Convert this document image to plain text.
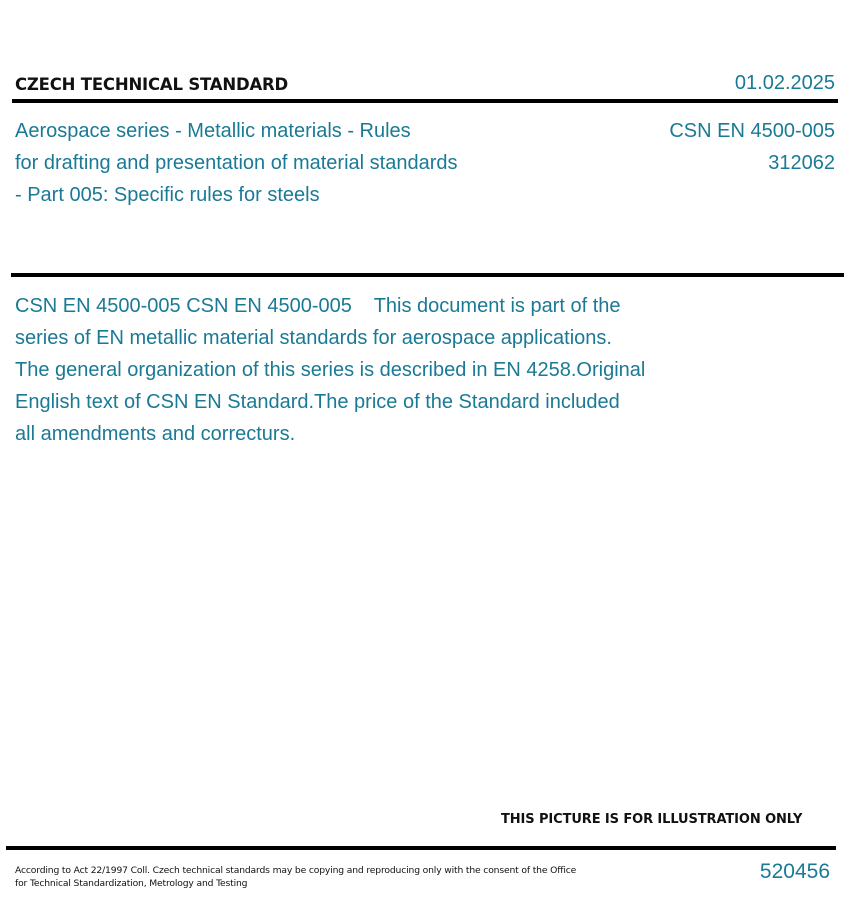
CZECH TECHNICAL STANDARD	01.02.2025
Aerospace series - Metallic materials - Rules
for drafting and presentation of material standards
- Part 005: Specific rules for steels
CSN EN 4500-005
312062
CSN EN 4500-005 CSN EN 4500-005    This document is part of the
series of EN metallic material standards for aerospace applications.
The general organization of this series is described in EN 4258.Original
English text of CSN EN Standard.The price of the Standard included
all amendments and correcturs.
THIS PICTURE IS FOR ILLUSTRATION ONLY
According to Act 22/1997 Coll. Czech technical standards may be copying and reproducing only with the consent of the Office
for Technical Standardization, Metrology and Testing
520456
